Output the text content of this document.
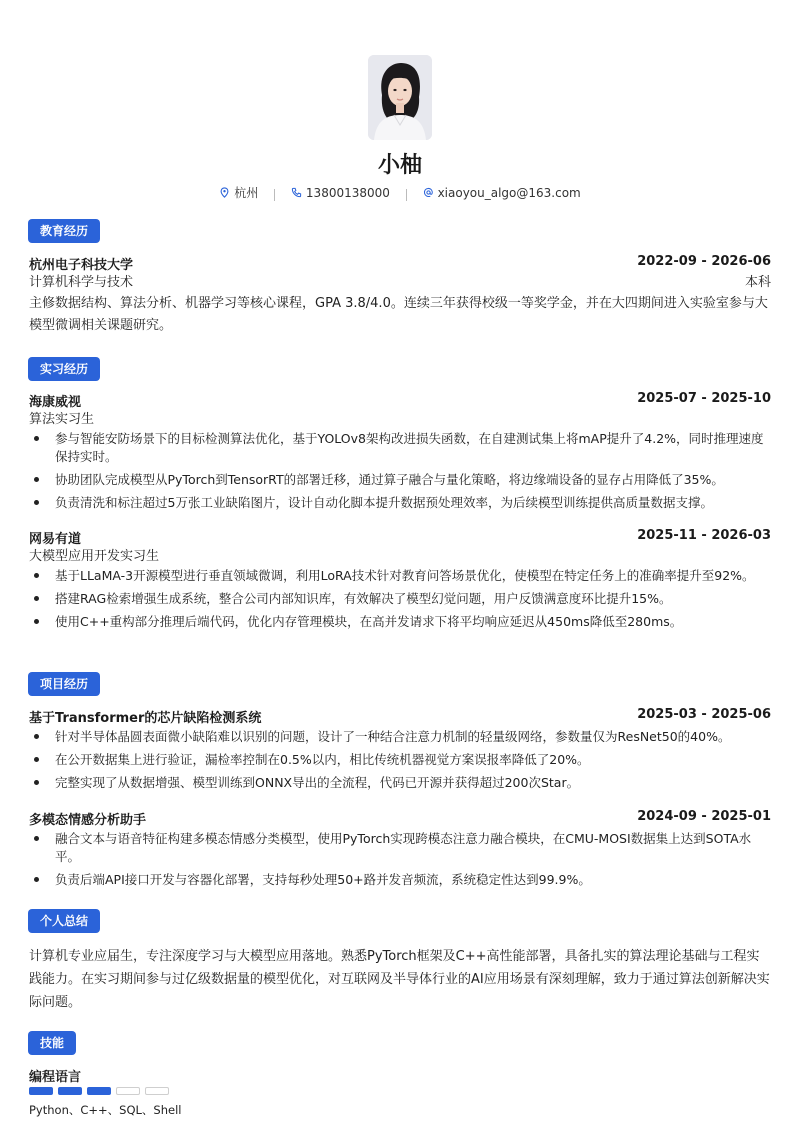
小柚
杭州
	13800138000
	xiaoyou_algo@163.com
教育经历
杭州电子科技大学	2022-09 - 2026-06
计算机科学与技术	本科
主修数据结构、算法分析、机器学习等核心课程，GPA 3.8/4.0。连续三年获得校级一等奖学金，并在大四期间进入实验室参与大模型微调相关课题研究。
实习经历
海康威视	2025-07 - 2025-10
算法实习生
参与智能安防场景下的目标检测算法优化，基于YOLOv8架构改进损失函数，在自建测试集上将mAP提升了4.2%，同时推理速度保持实时。
协助团队完成模型从PyTorch到TensorRT的部署迁移，通过算子融合与量化策略，将边缘端设备的显存占用降低了35%。
负责清洗和标注超过5万张工业缺陷图片，设计自动化脚本提升数据预处理效率，为后续模型训练提供高质量数据支撑。
网易有道	2025-11 - 2026-03
大模型应用开发实习生
基于LLaMA-3开源模型进行垂直领域微调，利用LoRA技术针对教育问答场景优化，使模型在特定任务上的准确率提升至92%。
搭建RAG检索增强生成系统，整合公司内部知识库，有效解决了模型幻觉问题，用户反馈满意度环比提升15%。
使用C++重构部分推理后端代码，优化内存管理模块，在高并发请求下将平均响应延迟从450ms降低至280ms。
项目经历
基于Transformer的芯片缺陷检测系统	2025-03 - 2025-06
针对半导体晶圆表面微小缺陷难以识别的问题，设计了一种结合注意力机制的轻量级网络，参数量仅为ResNet50的40%。
在公开数据集上进行验证，漏检率控制在0.5%以内，相比传统机器视觉方案误报率降低了20%。
完整实现了从数据增强、模型训练到ONNX导出的全流程，代码已开源并获得超过200次Star。
多模态情感分析助手	2024-09 - 2025-01
融合文本与语音特征构建多模态情感分类模型，使用PyTorch实现跨模态注意力融合模块，在CMU-MOSI数据集上达到SOTA水平。
负责后端API接口开发与容器化部署，支持每秒处理50+路并发音频流，系统稳定性达到99.9%。
个人总结
计算机专业应届生，专注深度学习与大模型应用落地。熟悉PyTorch框架及C++高性能部署，具备扎实的算法理论基础与工程实践能力。在实习期间参与过亿级数据量的模型优化，对互联网及半导体行业的AI应用场景有深刻理解，致力于通过算法创新解决实际问题。
技能
编程语言
Python、C++、SQL、Shell
